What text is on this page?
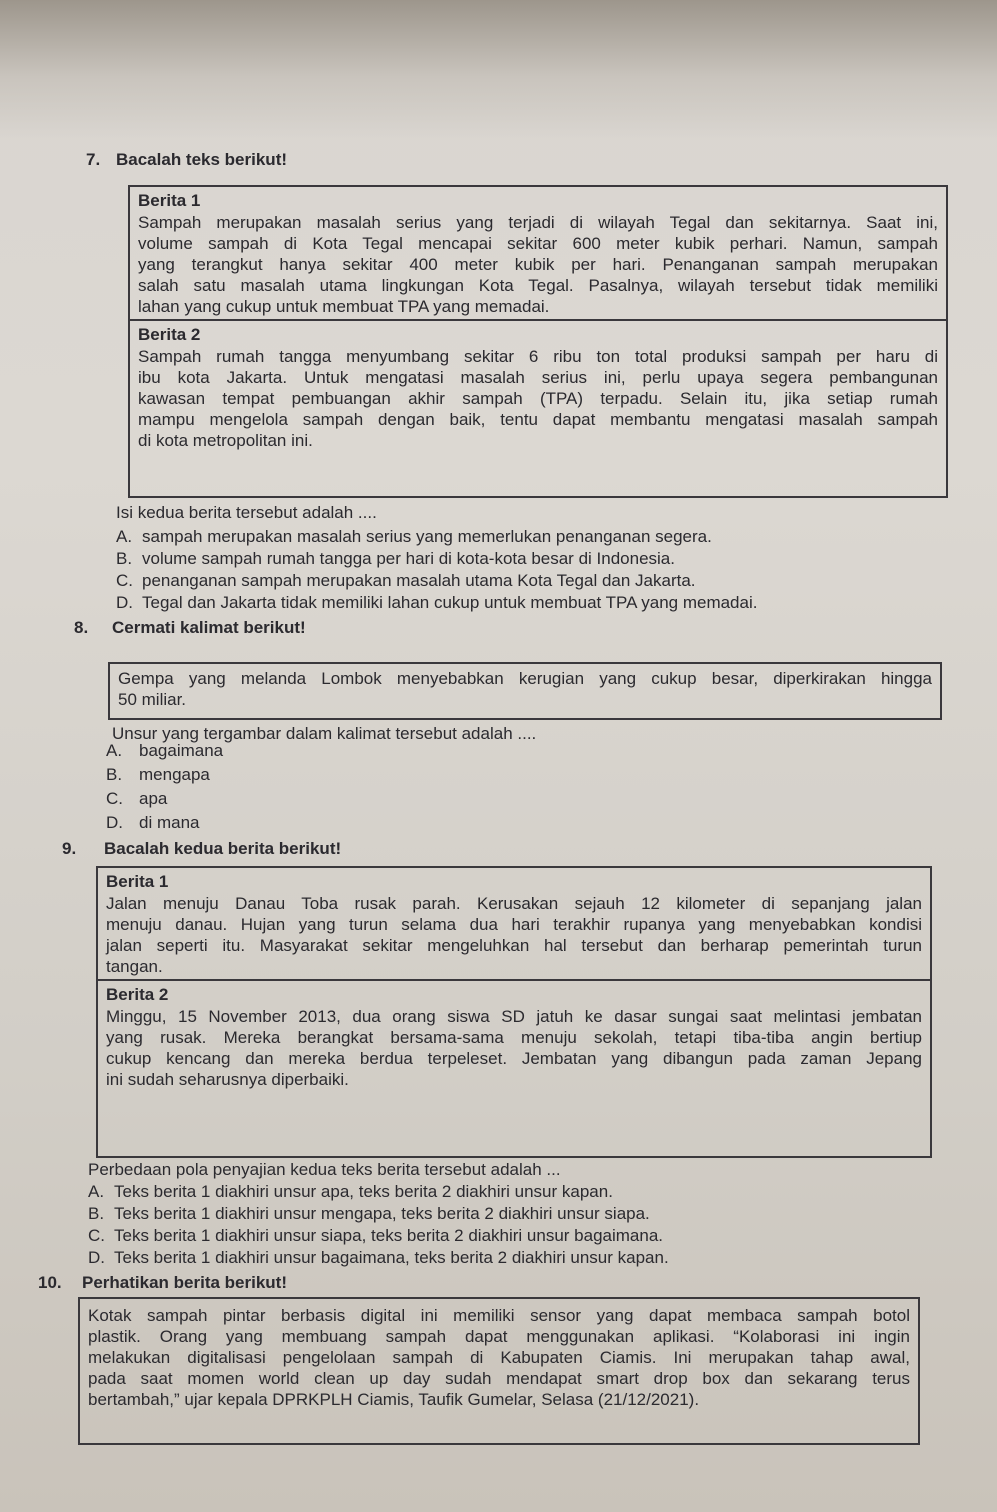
7. Bacalah teks berikut!
Berita 1
Sampah merupakan masalah serius yang terjadi di wilayah Tegal dan sekitarnya. Saat ini,
volume sampah di Kota Tegal mencapai sekitar 600 meter kubik perhari. Namun, sampah
yang terangkut hanya sekitar 400 meter kubik per hari. Penanganan sampah merupakan
salah satu masalah utama lingkungan Kota Tegal. Pasalnya, wilayah tersebut tidak memiliki
lahan yang cukup untuk membuat TPA yang memadai.
Berita 2
Sampah rumah tangga menyumbang sekitar 6 ribu ton total produksi sampah per haru di
ibu kota Jakarta. Untuk mengatasi masalah serius ini, perlu upaya segera pembangunan
kawasan tempat pembuangan akhir sampah (TPA) terpadu. Selain itu, jika setiap rumah
mampu mengelola sampah dengan baik, tentu dapat membantu mengatasi masalah sampah
di kota metropolitan ini.
Isi kedua berita tersebut adalah ....
A. sampah merupakan masalah serius yang memerlukan penanganan segera.
B. volume sampah rumah tangga per hari di kota-kota besar di Indonesia.
C. penanganan sampah merupakan masalah utama Kota Tegal dan Jakarta.
D. Tegal dan Jakarta tidak memiliki lahan cukup untuk membuat TPA yang memadai.
8. Cermati kalimat berikut!
Gempa yang melanda Lombok menyebabkan kerugian yang cukup besar, diperkirakan hingga
50 miliar.
Unsur yang tergambar dalam kalimat tersebut adalah ....
A. bagaimana
B. mengapa
C. apa
D. di mana
9. Bacalah kedua berita berikut!
Berita 1
Jalan menuju Danau Toba rusak parah. Kerusakan sejauh 12 kilometer di sepanjang jalan
menuju danau. Hujan yang turun selama dua hari terakhir rupanya yang menyebabkan kondisi
jalan seperti itu. Masyarakat sekitar mengeluhkan hal tersebut dan berharap pemerintah turun
tangan.
Berita 2
Minggu, 15 November 2013, dua orang siswa SD jatuh ke dasar sungai saat melintasi jembatan
yang rusak. Mereka berangkat bersama-sama menuju sekolah, tetapi tiba-tiba angin bertiup
cukup kencang dan mereka berdua terpeleset. Jembatan yang dibangun pada zaman Jepang
ini sudah seharusnya diperbaiki.
Perbedaan pola penyajian kedua teks berita tersebut adalah ...
A. Teks berita 1 diakhiri unsur apa, teks berita 2 diakhiri unsur kapan.
B. Teks berita 1 diakhiri unsur mengapa, teks berita 2 diakhiri unsur siapa.
C. Teks berita 1 diakhiri unsur siapa, teks berita 2 diakhiri unsur bagaimana.
D. Teks berita 1 diakhiri unsur bagaimana, teks berita 2 diakhiri unsur kapan.
10. Perhatikan berita berikut!
Kotak sampah pintar berbasis digital ini memiliki sensor yang dapat membaca sampah botol
plastik. Orang yang membuang sampah dapat menggunakan aplikasi. “Kolaborasi ini ingin
melakukan digitalisasi pengelolaan sampah di Kabupaten Ciamis. Ini merupakan tahap awal,
pada saat momen world clean up day sudah mendapat smart drop box dan sekarang terus
bertambah,” ujar kepala DPRKPLH Ciamis, Taufik Gumelar, Selasa (21/12/2021).
